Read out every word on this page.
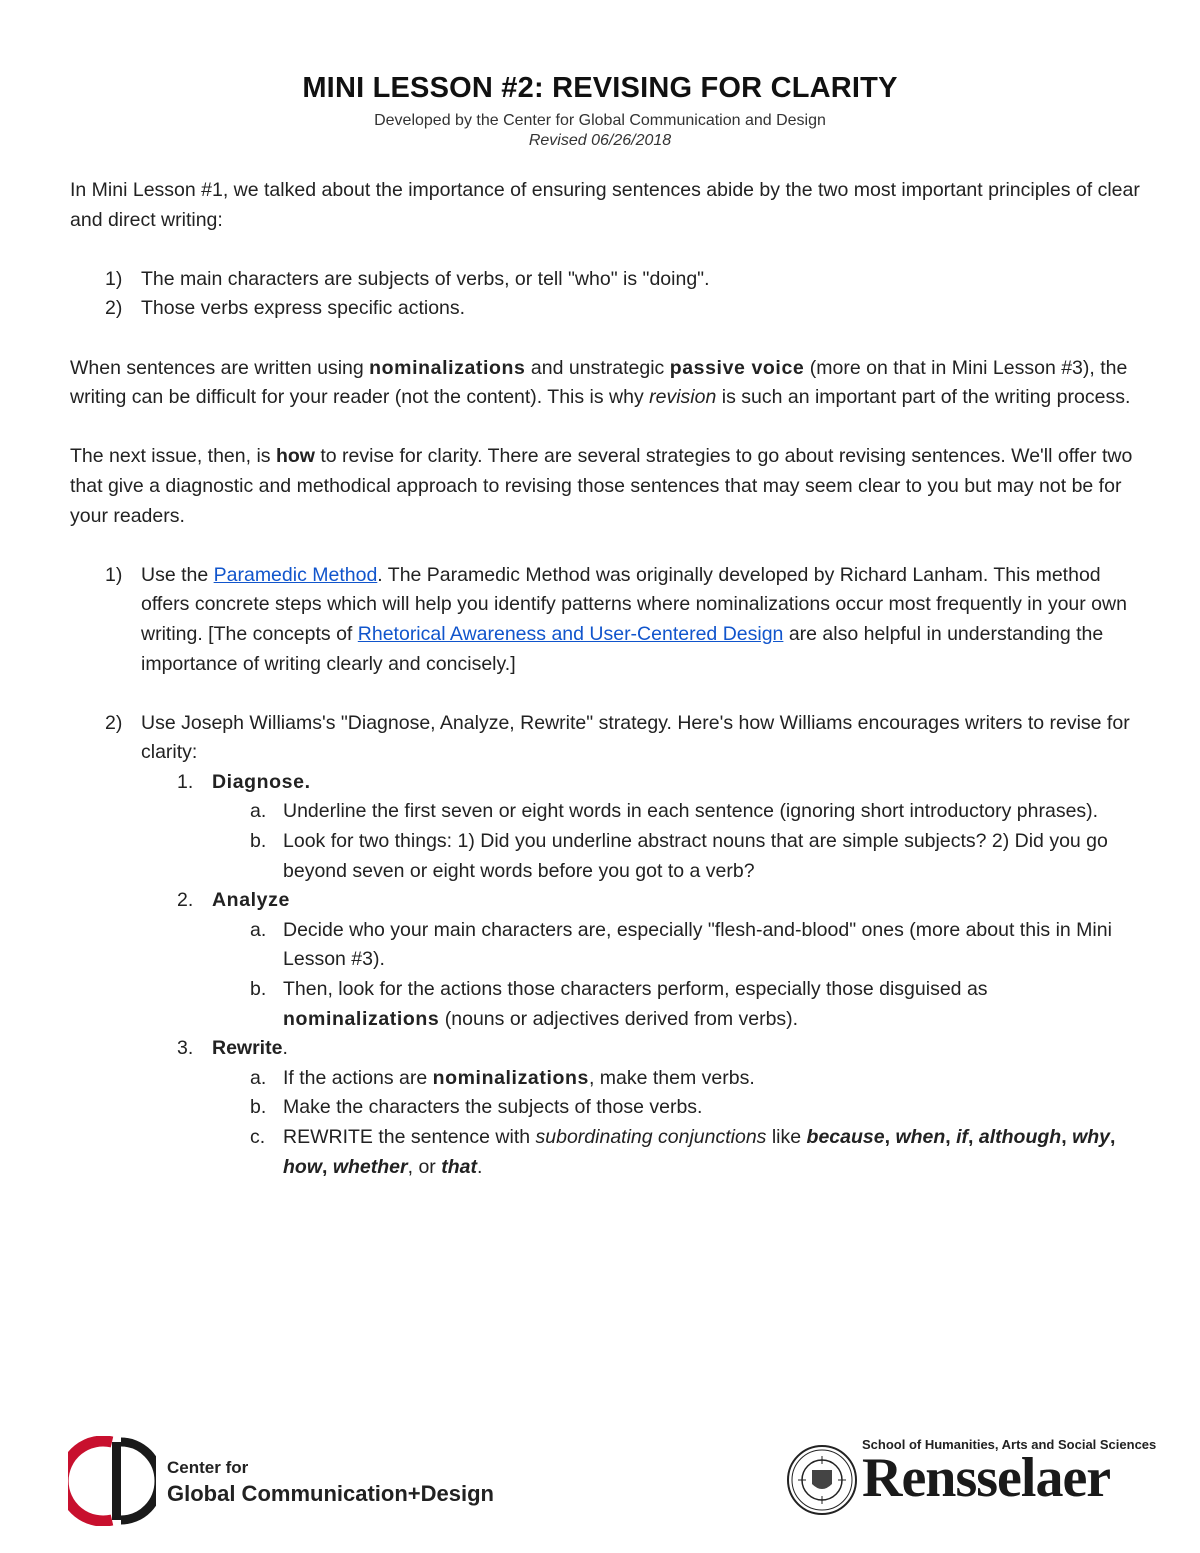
MINI LESSON #2: REVISING FOR CLARITY
Developed by the Center for Global Communication and Design
Revised 06/26/2018

In Mini Lesson #1, we talked about the importance of ensuring sentences abide by the two most important principles of clear and direct writing:

1) The main characters are subjects of verbs, or tell "who" is "doing".
2) Those verbs express specific actions.

When sentences are written using nominalizations and unstrategic passive voice (more on that in Mini Lesson #3), the writing can be difficult for your reader (not the content). This is why revision is such an important part of the writing process.

The next issue, then, is how to revise for clarity. There are several strategies to go about revising sentences. We'll offer two that give a diagnostic and methodical approach to revising those sentences that may seem clear to you but may not be for your readers.

1) Use the Paramedic Method. The Paramedic Method was originally developed by Richard Lanham. This method offers concrete steps which will help you identify patterns where nominalizations occur most frequently in your own writing. [The concepts of Rhetorical Awareness and User-Centered Design are also helpful in understanding the importance of writing clearly and concisely.]
2) Use Joseph Williams's "Diagnose, Analyze, Rewrite" strategy. Here's how Williams encourages writers to revise for clarity:
1. Diagnose.
a. Underline the first seven or eight words in each sentence (ignoring short introductory phrases).
b. Look for two things: 1) Did you underline abstract nouns that are simple subjects? 2) Did you go beyond seven or eight words before you got to a verb?
2. Analyze
a. Decide who your main characters are, especially "flesh-and-blood" ones (more about this in Mini Lesson #3).
b. Then, look for the actions those characters perform, especially those disguised as nominalizations (nouns or adjectives derived from verbs).
3. Rewrite.
a. If the actions are nominalizations, make them verbs.
b. Make the characters the subjects of those verbs.
c. REWRITE the sentence with subordinating conjunctions like because, when, if, although, why, how, whether, or that.
Center for
Global Communication+Design
School of Humanities, Arts and Social Sciences
Rensselaer
